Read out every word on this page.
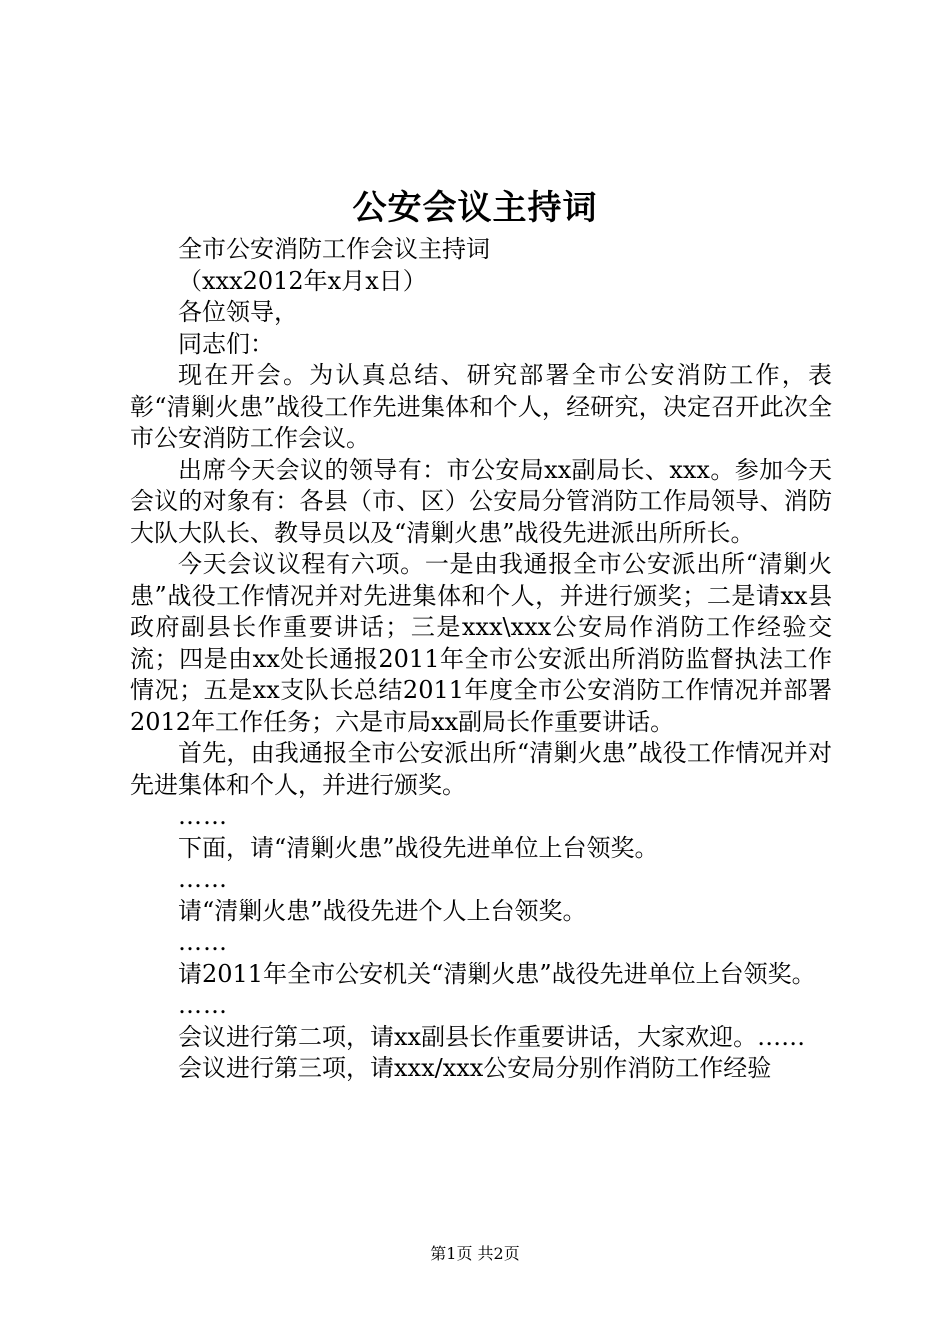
公安会议主持词

全市公安消防工作会议主持词

（xxx2012年x月x日）

各位领导，

同志们：

现在开会。为认真总结、研究部署全市公安消防工作，表彰“清剿火患”战役工作先进集体和个人，经研究，决定召开此次全市公安消防工作会议。

出席今天会议的领导有：市公安局xx副局长、xxx。参加今天会议的对象有：各县（市、区）公安局分管消防工作局领导、消防大队大队长、教导员以及“清剿火患”战役先进派出所所长。

今天会议议程有六项。一是由我通报全市公安派出所“清剿火患”战役工作情况并对先进集体和个人，并进行颁奖；二是请xx县政府副县长作重要讲话；三是xxx\xxx公安局作消防工作经验交流；四是由xx处长通报2011年全市公安派出所消防监督执法工作情况；五是xx支队长总结2011年度全市公安消防工作情况并部署2012年工作任务；六是市局xx副局长作重要讲话。

首先，由我通报全市公安派出所“清剿火患”战役工作情况并对先进集体和个人，并进行颁奖。

……

下面，请“清剿火患”战役先进单位上台领奖。

……

请“清剿火患”战役先进个人上台领奖。

……

请2011年全市公安机关“清剿火患”战役先进单位上台领奖。

……

会议进行第二项，请xx副县长作重要讲话，大家欢迎。……

会议进行第三项，请xxx/xxx公安局分别作消防工作经验

第1页 共2页
